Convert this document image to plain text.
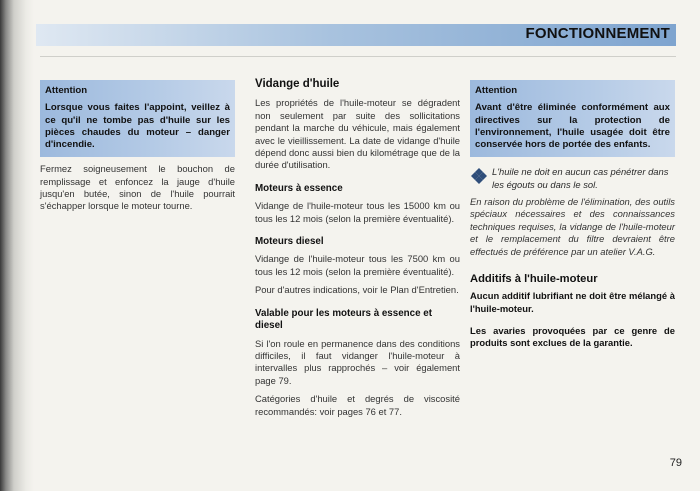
FONCTIONNEMENT
Attention
Lorsque vous faites l'appoint, veillez à ce qu'il ne tombe pas d'huile sur les pièces chaudes du moteur – danger d'incendie.

Fermez soigneusement le bouchon de remplissage et enfoncez la jauge d'huile jusqu'en butée, sinon de l'huile pourrait s'échapper lorsque le moteur tourne.

Vidange d'huile

Les propriétés de l'huile-moteur se dégradent non seulement par suite des sollicitations pendant la marche du véhicule, mais également avec le vieillissement. La date de vidange d'huile dépend donc aussi bien du kilométrage que de la durée d'utilisation.

Moteurs à essence

Vidange de l'huile-moteur tous les 15000 km ou tous les 12 mois (selon la première éventualité).

Moteurs diesel

Vidange de l'huile-moteur tous les 7500 km ou tous les 12 mois (selon la première éventualité).

Pour d'autres indications, voir le Plan d'Entretien.

Valable pour les moteurs à essence et diesel

Si l'on roule en permanence dans des conditions difficiles, il faut vidanger l'huile-moteur à intervalles plus rapprochés – voir également page 79.

Catégories d'huile et degrés de viscosité recommandés: voir pages 76 et 77.

Attention
Avant d'être éliminée conformément aux directives sur la protection de l'environnement, l'huile usagée doit être conservée hors de portée des enfants.
L'huile ne doit en aucun cas pénétrer dans les égouts ou dans le sol.

En raison du problème de l'élimination, des outils spéciaux nécessaires et des connaissances techniques requises, la vidange de l'huile-moteur et le remplacement du filtre devraient être effectués de préférence par un atelier V.A.G.

Additifs à l'huile-moteur

Aucun additif lubrifiant ne doit être mélangé à l'huile-moteur.

Les avaries provoquées par ce genre de produits sont exclues de la garantie.

79
